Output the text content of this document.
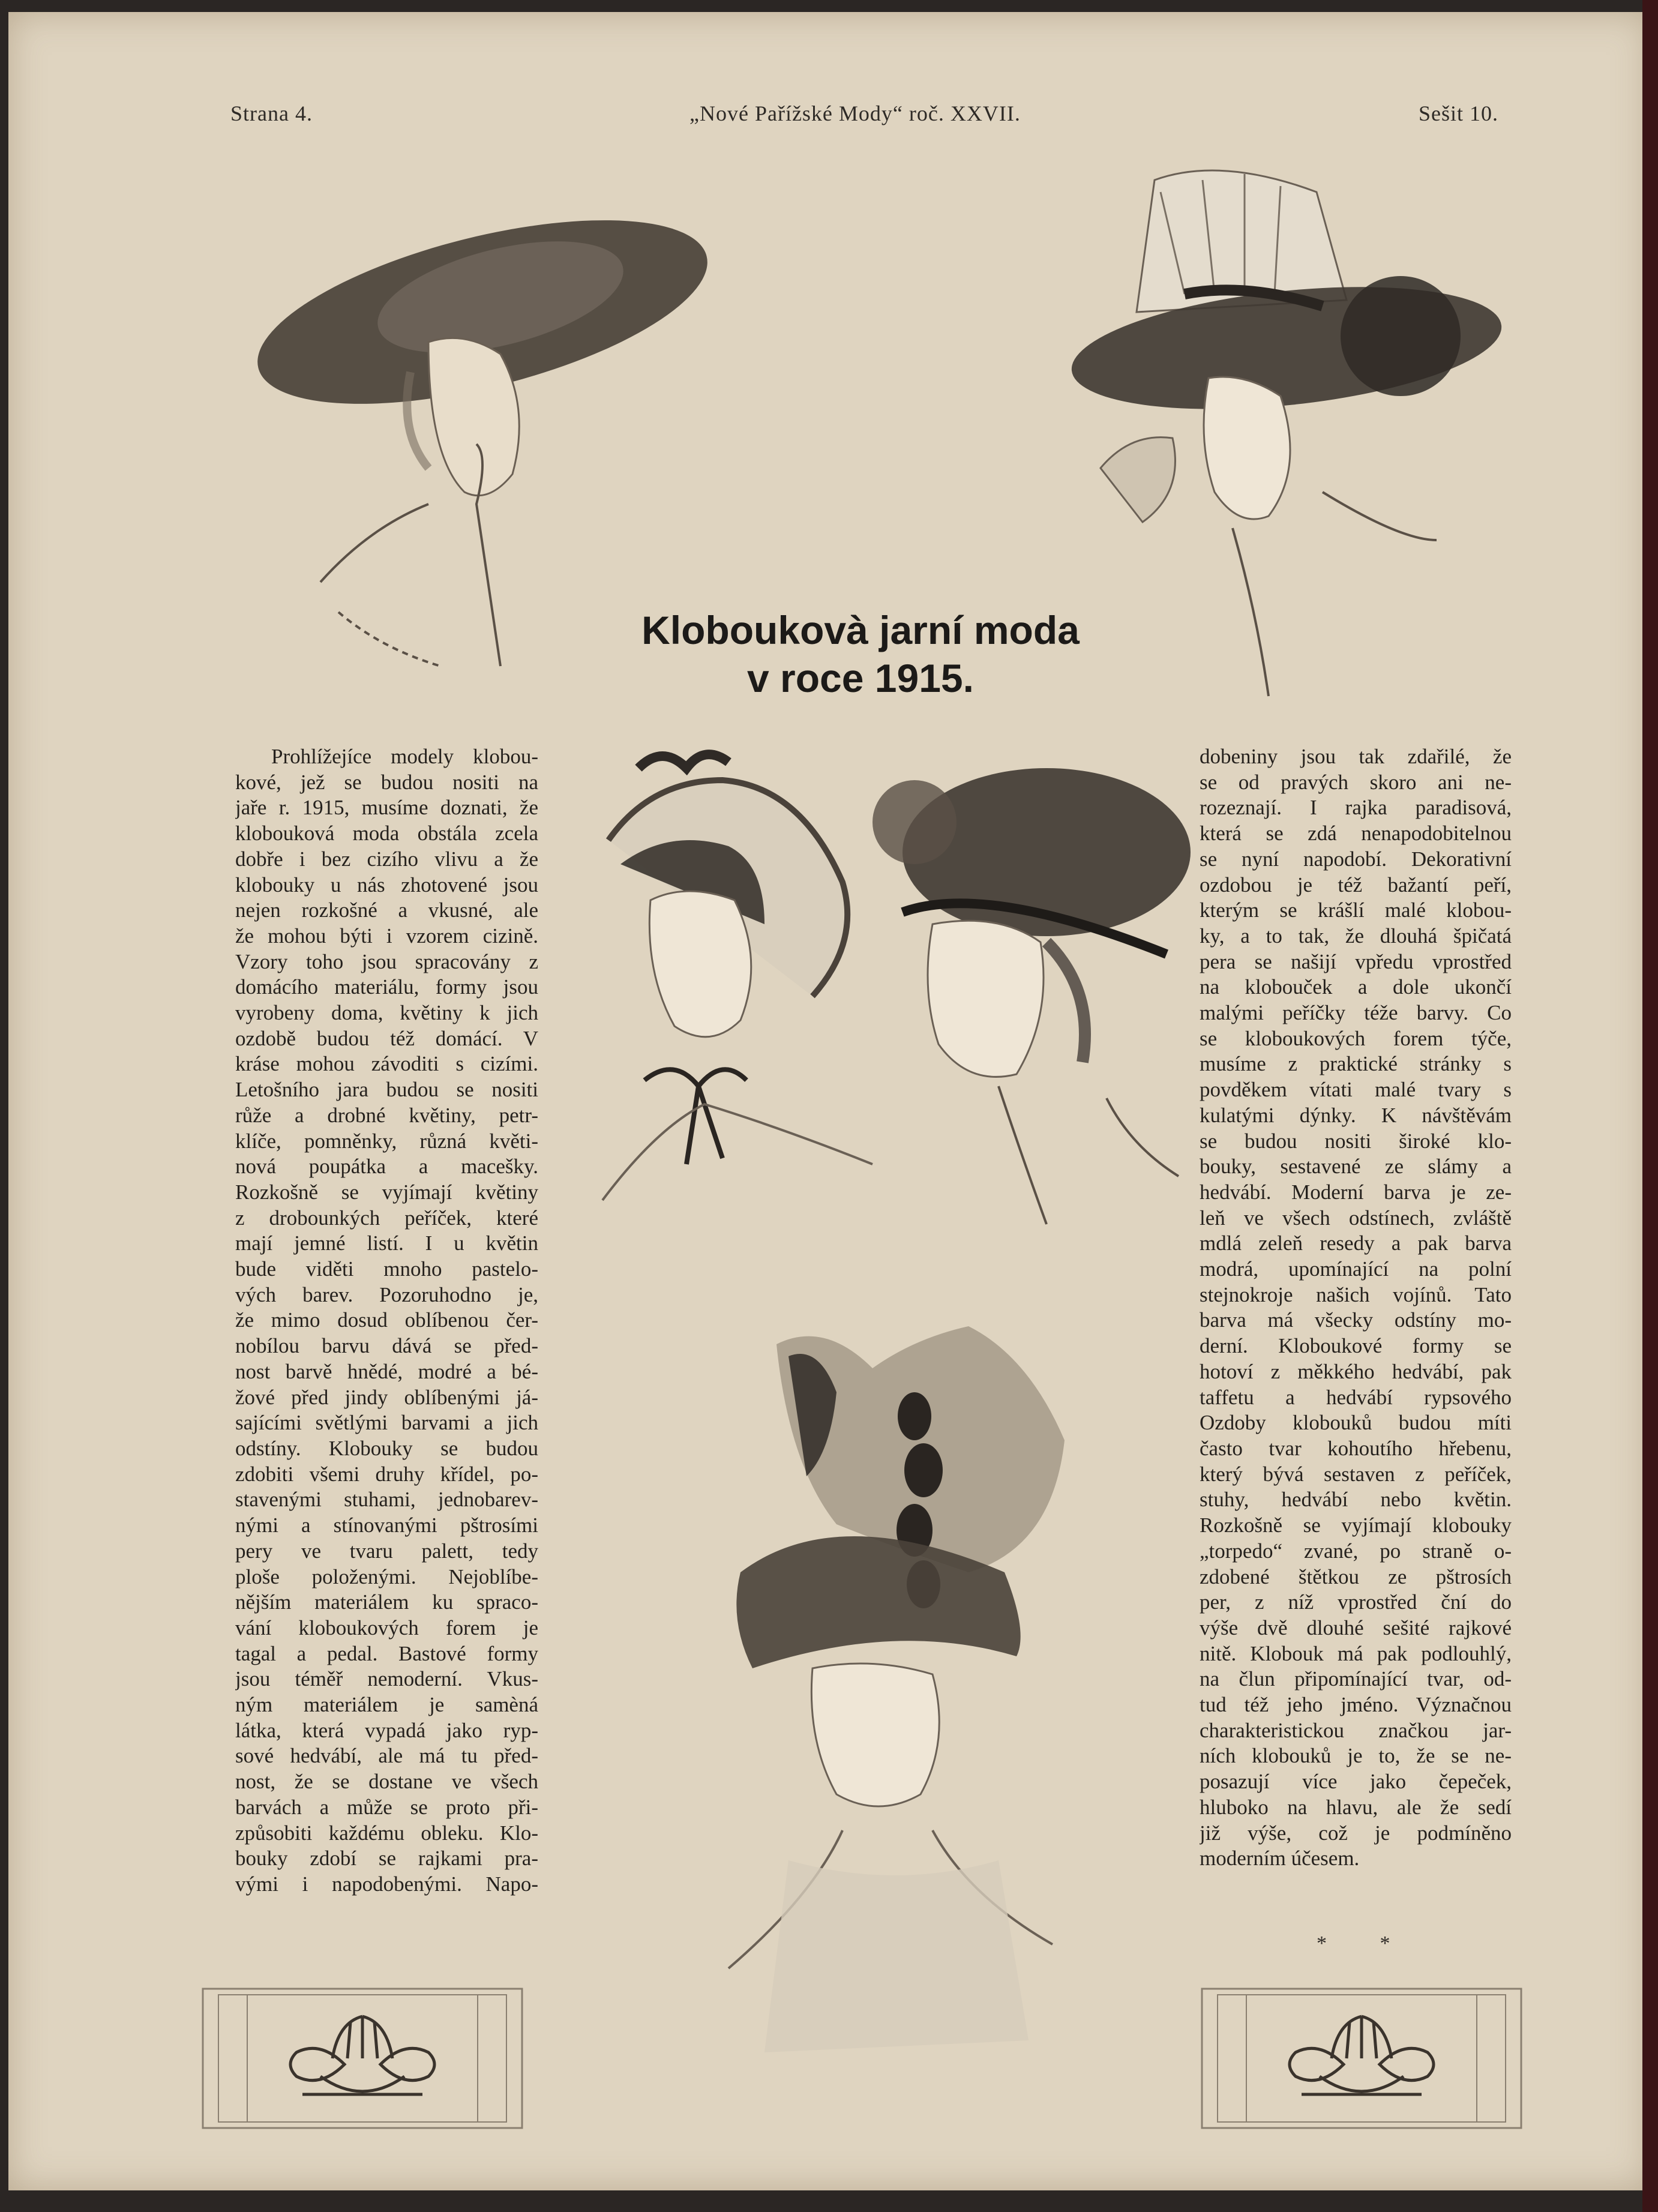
Strana 4.	„Nové Pařížské Mody“ roč. XXVII.	Sešit 10.
Kloboukovà jarní moda
v roce 1915.
Prohlížejíce modely klobou-
kové, jež se budou nositi na
jaře r. 1915, musíme doznati, že
klobouková moda obstála zcela
dobře i bez cizího vlivu a že
klobouky u nás zhotovené jsou
nejen rozkošné a vkusné, ale
že mohou býti i vzorem cizině.
Vzory toho jsou spracovány z
domácího materiálu, formy jsou
vyrobeny doma, květiny k jich
ozdobě budou též domácí. V
kráse mohou závoditi s cizími.
Letošního jara budou se nositi
růže a drobné květiny, petr-
klíče, pomněnky, různá květi-
nová poupátka a macešky.
Rozkošně se vyjímají květiny
z drobounkých peříček, které
mají jemné listí. I u květin
bude viděti mnoho pastelo-
vých barev. Pozoruhodno je,
že mimo dosud oblíbenou čer-
nobílou barvu dává se před-
nost barvě hnědé, modré a bé-
žové před jindy oblíbenými já-
sajícími světlými barvami a jich
odstíny. Klobouky se budou
zdobiti všemi druhy křídel, po-
stavenými stuhami, jednobarev-
nými a stínovanými pštrosími
pery ve tvaru palett, tedy
ploše položenými. Nejoblíbe-
nějším materiálem ku spraco-
vání kloboukových forem je
tagal a pedal. Bastové formy
jsou téměř nemoderní. Vkus-
ným materiálem je samèná
látka, která vypadá jako ryp-
sové hedvábí, ale má tu před-
nost, že se dostane ve všech
barvách a může se proto při-
způsobiti každému obleku. Klo-
bouky zdobí se rajkami pra-
vými i napodobenými. Napo-
dobeniny jsou tak zdařilé, že
se od pravých skoro ani ne-
rozeznají. I rajka paradisová,
která se zdá nenapodobitelnou
se nyní napodobí. Dekorativní
ozdobou je též bažantí peří,
kterým se krášlí malé klobou-
ky, a to tak, že dlouhá špičatá
pera se našijí vpředu vprostřed
na klobouček a dole ukončí
malými peříčky téže barvy. Co
se kloboukových forem týče,
musíme z praktické stránky s
povděkem vítati malé tvary s
kulatými dýnky. K návštěvám
se budou nositi široké klo-
bouky, sestavené ze slámy a
hedvábí. Moderní barva je ze-
leň ve všech odstínech, zvláště
mdlá zeleň resedy a pak barva
modrá, upomínající na polní
stejnokroje našich vojínů. Tato
barva má všecky odstíny mo-
derní. Kloboukové formy se
hotoví z měkkého hedvábí, pak
taffetu a hedvábí rypsového
Ozdoby klobouků budou míti
často tvar kohoutího hřebenu,
který bývá sestaven z peříček,
stuhy, hedvábí nebo květin.
Rozkošně se vyjímají klobouky
„torpedo“ zvané, po straně o-
zdobené štětkou ze pštrosích
per, z níž vprostřed ční do
výše dvě dlouhé sešité rajkové
nitě. Klobouk má pak podlouhlý,
na člun připomínající tvar, od-
tud též jeho jméno. Význačnou
charakteristickou značkou jar-
ních klobouků je to, že se ne-
posazují více jako čepeček,
hluboko na hlavu, ale že sedí
již výše, což je podmíněno
moderním účesem.
* *
